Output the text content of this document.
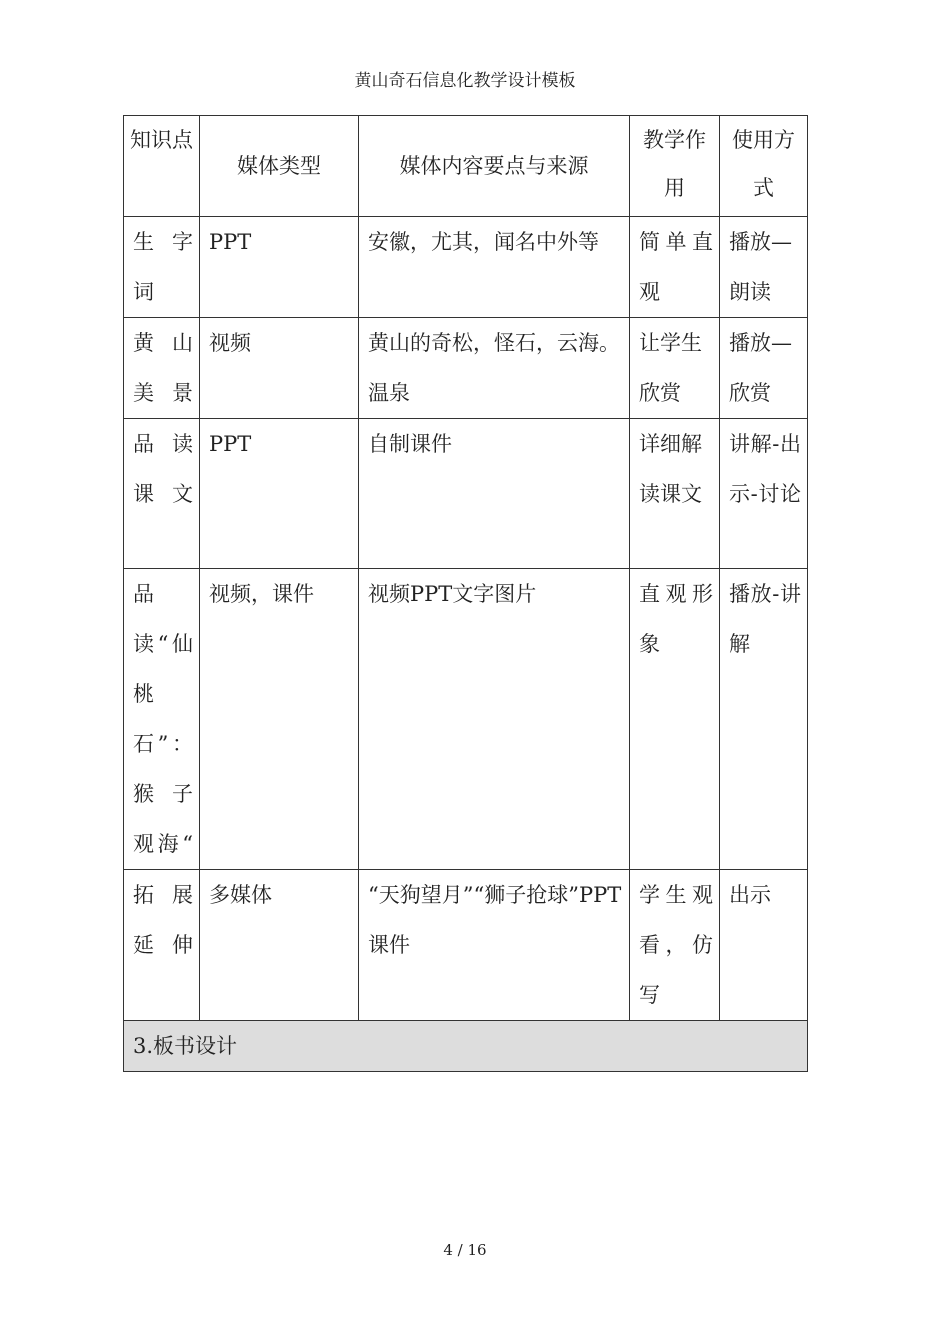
黄山奇石信息化教学设计模板
知识点	媒体类型	媒体内容要点与来源	教学作用	使用方式
生字词	PPT	安徽，尤其，闻名中外等	简单直观	播放—朗读
黄山美景	视频	黄山的奇松，怪石，云海。温泉	让学生欣赏	播放—欣赏
品读课文	PPT	自制课件	详细解读课文	讲解-出示-讨论
品读“仙桃石”：猴子观海“	视频，课件	视频PPT文字图片	直观形象	播放-讲解
拓展延伸	多媒体	“天狗望月”“狮子抢球”PPT课件	学生观看，仿写	出示
3.板书设计				
4 / 16
